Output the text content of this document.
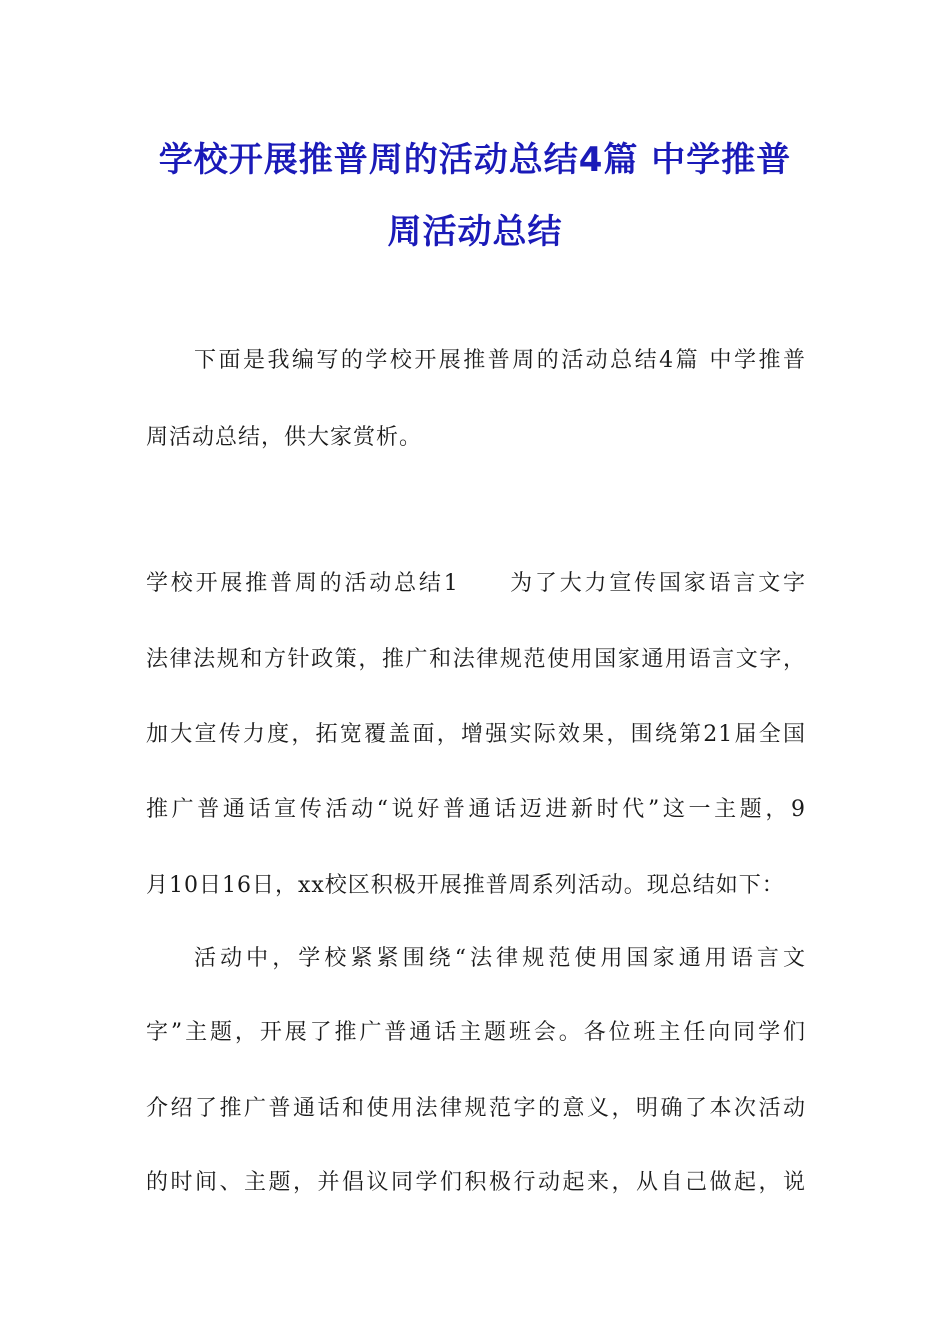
学校开展推普周的活动总结4篇 中学推普
周活动总结
下面是我编写的学校开展推普周的活动总结4篇 中学推普
周活动总结，供大家赏析。
学校开展推普周的活动总结1　　为了大力宣传国家语言文字
法律法规和方针政策，推广和法律规范使用国家通用语言文字，
加大宣传力度，拓宽覆盖面，增强实际效果，围绕第21届全国
推广普通话宣传活动“说好普通话迈进新时代”这一主题，9
月10日16日，xx校区积极开展推普周系列活动。现总结如下：
活动中，学校紧紧围绕“法律规范使用国家通用语言文
字”主题，开展了推广普通话主题班会。各位班主任向同学们
介绍了推广普通话和使用法律规范字的意义，明确了本次活动
的时间、主题，并倡议同学们积极行动起来，从自己做起，说
